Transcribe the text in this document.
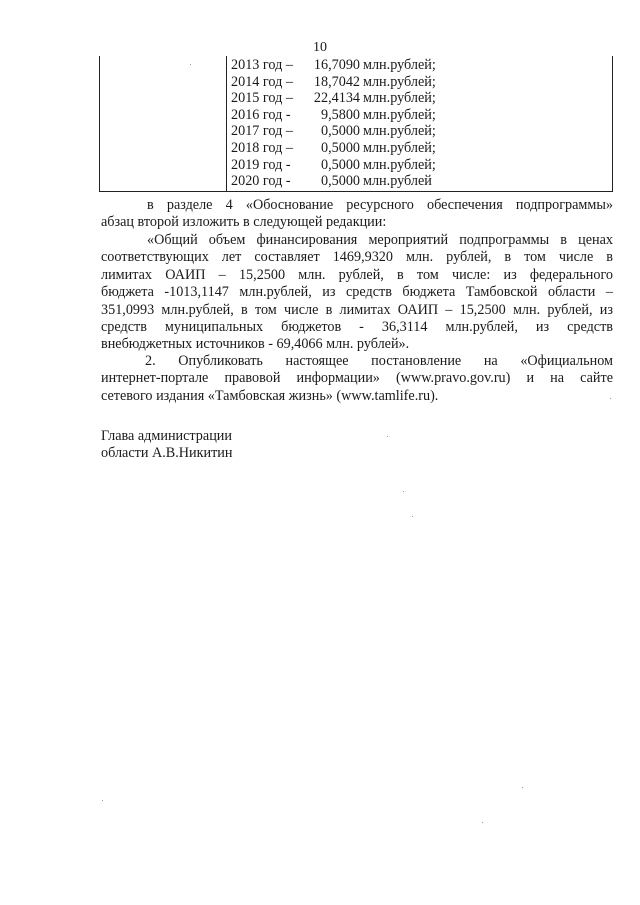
10
2013 год – 16,7090 млн.рублей;
2014 год – 18,7042 млн.рублей;
2015 год – 22,4134 млн.рублей;
2016 год - 9,5800 млн.рублей;
2017 год – 0,5000 млн.рублей;
2018 год – 0,5000 млн.рублей;
2019 год - 0,5000 млн.рублей;
2020 год - 0,5000 млн.рублей
в разделе 4 «Обоснование ресурсного обеспечения подпрограммы»
абзац второй изложить в следующей редакции:
«Общий объем финансирования мероприятий подпрограммы в ценах
соответствующих лет составляет 1469,9320 млн. рублей, в том числе в
лимитах ОАИП – 15,2500 млн. рублей, в том числе: из федерального
бюджета -1013,1147 млн.рублей, из средств бюджета Тамбовской области –
351,0993 млн.рублей, в том числе в лимитах ОАИП – 15,2500 млн. рублей, из
средств муниципальных бюджетов - 36,3114 млн.рублей, из средств
внебюджетных источников - 69,4066 млн. рублей».
2. Опубликовать настоящее постановление на «Официальном
интернет-портале правовой информации» (www.pravo.gov.ru) и на сайте
сетевого издания «Тамбовская жизнь» (www.tamlife.ru).
Глава администрации
области А.В.Никитин
